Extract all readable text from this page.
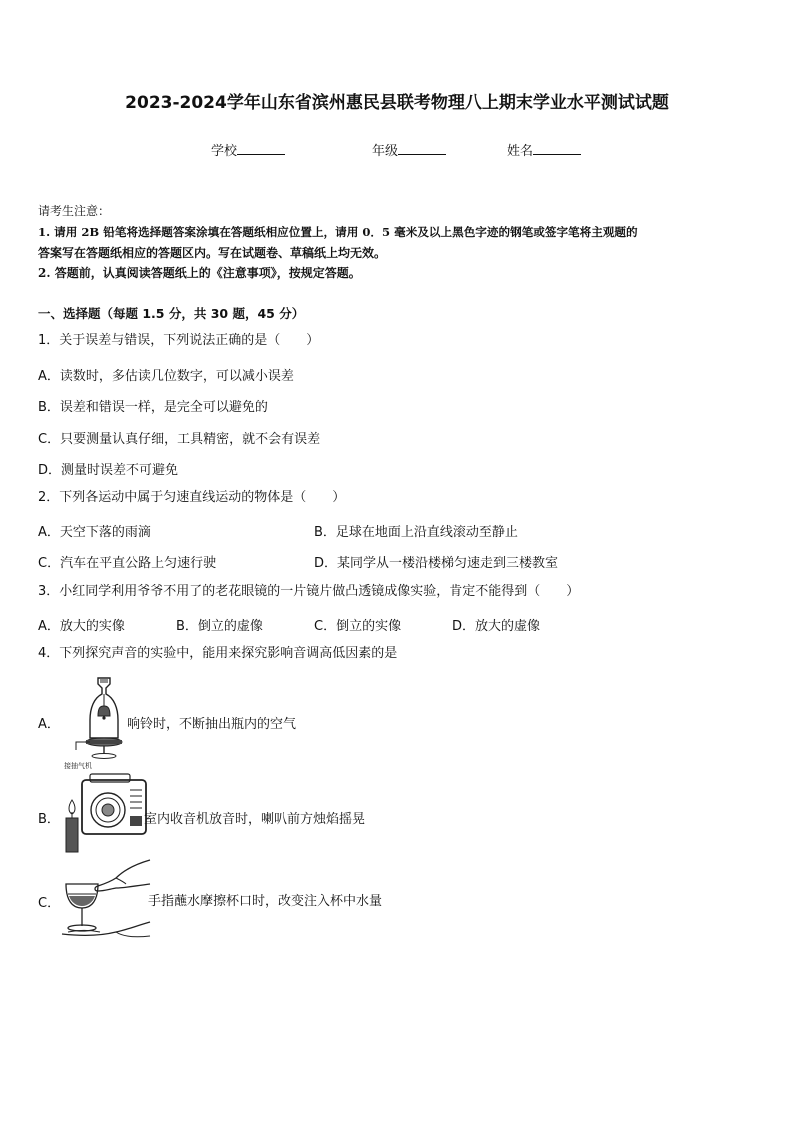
2023-2024学年山东省滨州惠民县联考物理八上期末学业水平测试试题
学校	年级	姓名
请考生注意：
1. 请用 2B 铅笔将选择题答案涂填在答题纸相应位置上，请用 0．5 毫米及以上黑色字迹的钢笔或签字笔将主观题的
答案写在答题纸相应的答题区内。写在试题卷、草稿纸上均无效。
2. 答题前，认真阅读答题纸上的《注意事项》，按规定答题。
一、选择题（每题 1.5 分，共 30 题，45 分）
1．关于误差与错误，下列说法正确的是（　　）
A．读数时，多估读几位数字，可以减小误差
B．误差和错误一样，是完全可以避免的
C．只要测量认真仔细，工具精密，就不会有误差
D．测量时误差不可避免
2．下列各运动中属于匀速直线运动的物体是（　　）
A．天空下落的雨滴	B．足球在地面上沿直线滚动至静止
C．汽车在平直公路上匀速行驶	D．某同学从一楼沿楼梯匀速走到三楼教室
3．小红同学利用爷爷不用了的老花眼镜的一片镜片做凸透镜成像实验，肯定不能得到（　　）
A．放大的实像	B．倒立的虚像	C．倒立的实像	D．放大的虚像
4．下列探究声音的实验中，能用来探究影响音调高低因素的是
A．
接抽气机
响铃时，不断抽出瓶内的空气
B．	室内收音机放音时，喇叭前方烛焰摇晃
C．	手指蘸水摩擦杯口时，改变注入杯中水量
